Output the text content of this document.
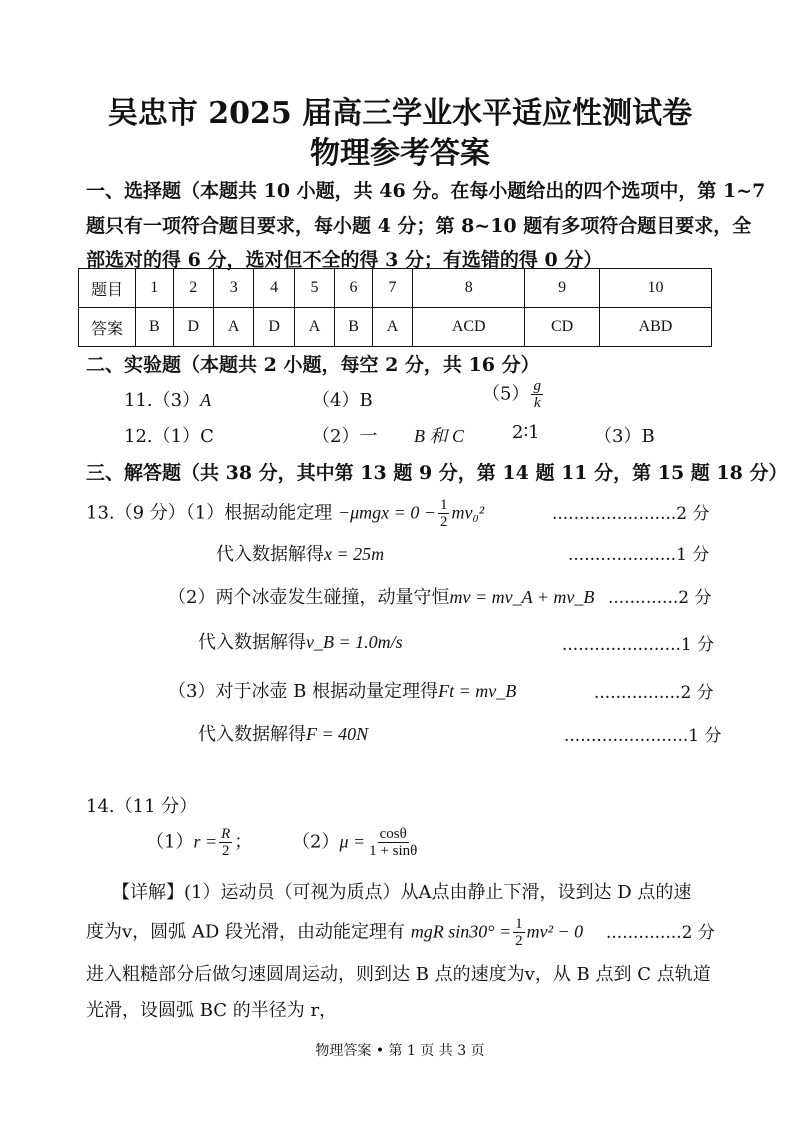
吴忠市 2025 届高三学业水平适应性测试卷
物理参考答案
一、选择题（本题共 10 小题，共 46 分。在每小题给出的四个选项中，第 1~7
题只有一项符合题目要求，每小题 4 分；第 8~10 题有多项符合题目要求，全
部选对的得 6 分，选对但不全的得 3 分；有选错的得 0 分）
题目	1	2	3	4	5	6	7	8	9	10
答案	B	D	A	D	A	B	A	ACD	CD	ABD
二、实验题（本题共 2 小题，每空 2 分，共 16 分）
11.（3）A	（4）B	$(5) \frac{g}{k}$
12.（1）C	（2）一 B 和 C	2∶1	（3）B
三、解答题（共 38 分，其中第 13 题 9 分，第 14 题 11 分，第 15 题 18 分）
13.（9 分）（1）根据动能定理 $-\mu mgx = 0 - \frac{1}{2} mv_0^2$	.......................2 分
代入数据解得x = 25m	....................1 分
（2）两个冰壶发生碰撞，动量守恒mv = mv_A + mv_B .............2 分
代入数据解得v_B = 1.0m/s	......................1 分
（3）对于冰壶 B 根据动量定理得Ft = mv_B	................2 分
代入数据解得F = 40N	.......................1 分
14.（11 分）
$(1)r = \frac{R}{2}$ ； $(2)\mu = \frac{\cos\theta}{1 + \sin\theta}$
【详解】(1）运动员（可视为质点）从A点由静止下滑，设到达 D 点的速
度为v，圆弧 AD 段光滑，由动能定理有 mgR $\sin 30^\circ = \frac{1}{2} mv^2 - 0$ ..............2 分
进入粗糙部分后做匀速圆周运动，则到达 B 点的速度为v，从 B 点到 C 点轨道
光滑，设圆弧 BC 的半径为 r，
物理答案 • 第 1 页 共 3 页
